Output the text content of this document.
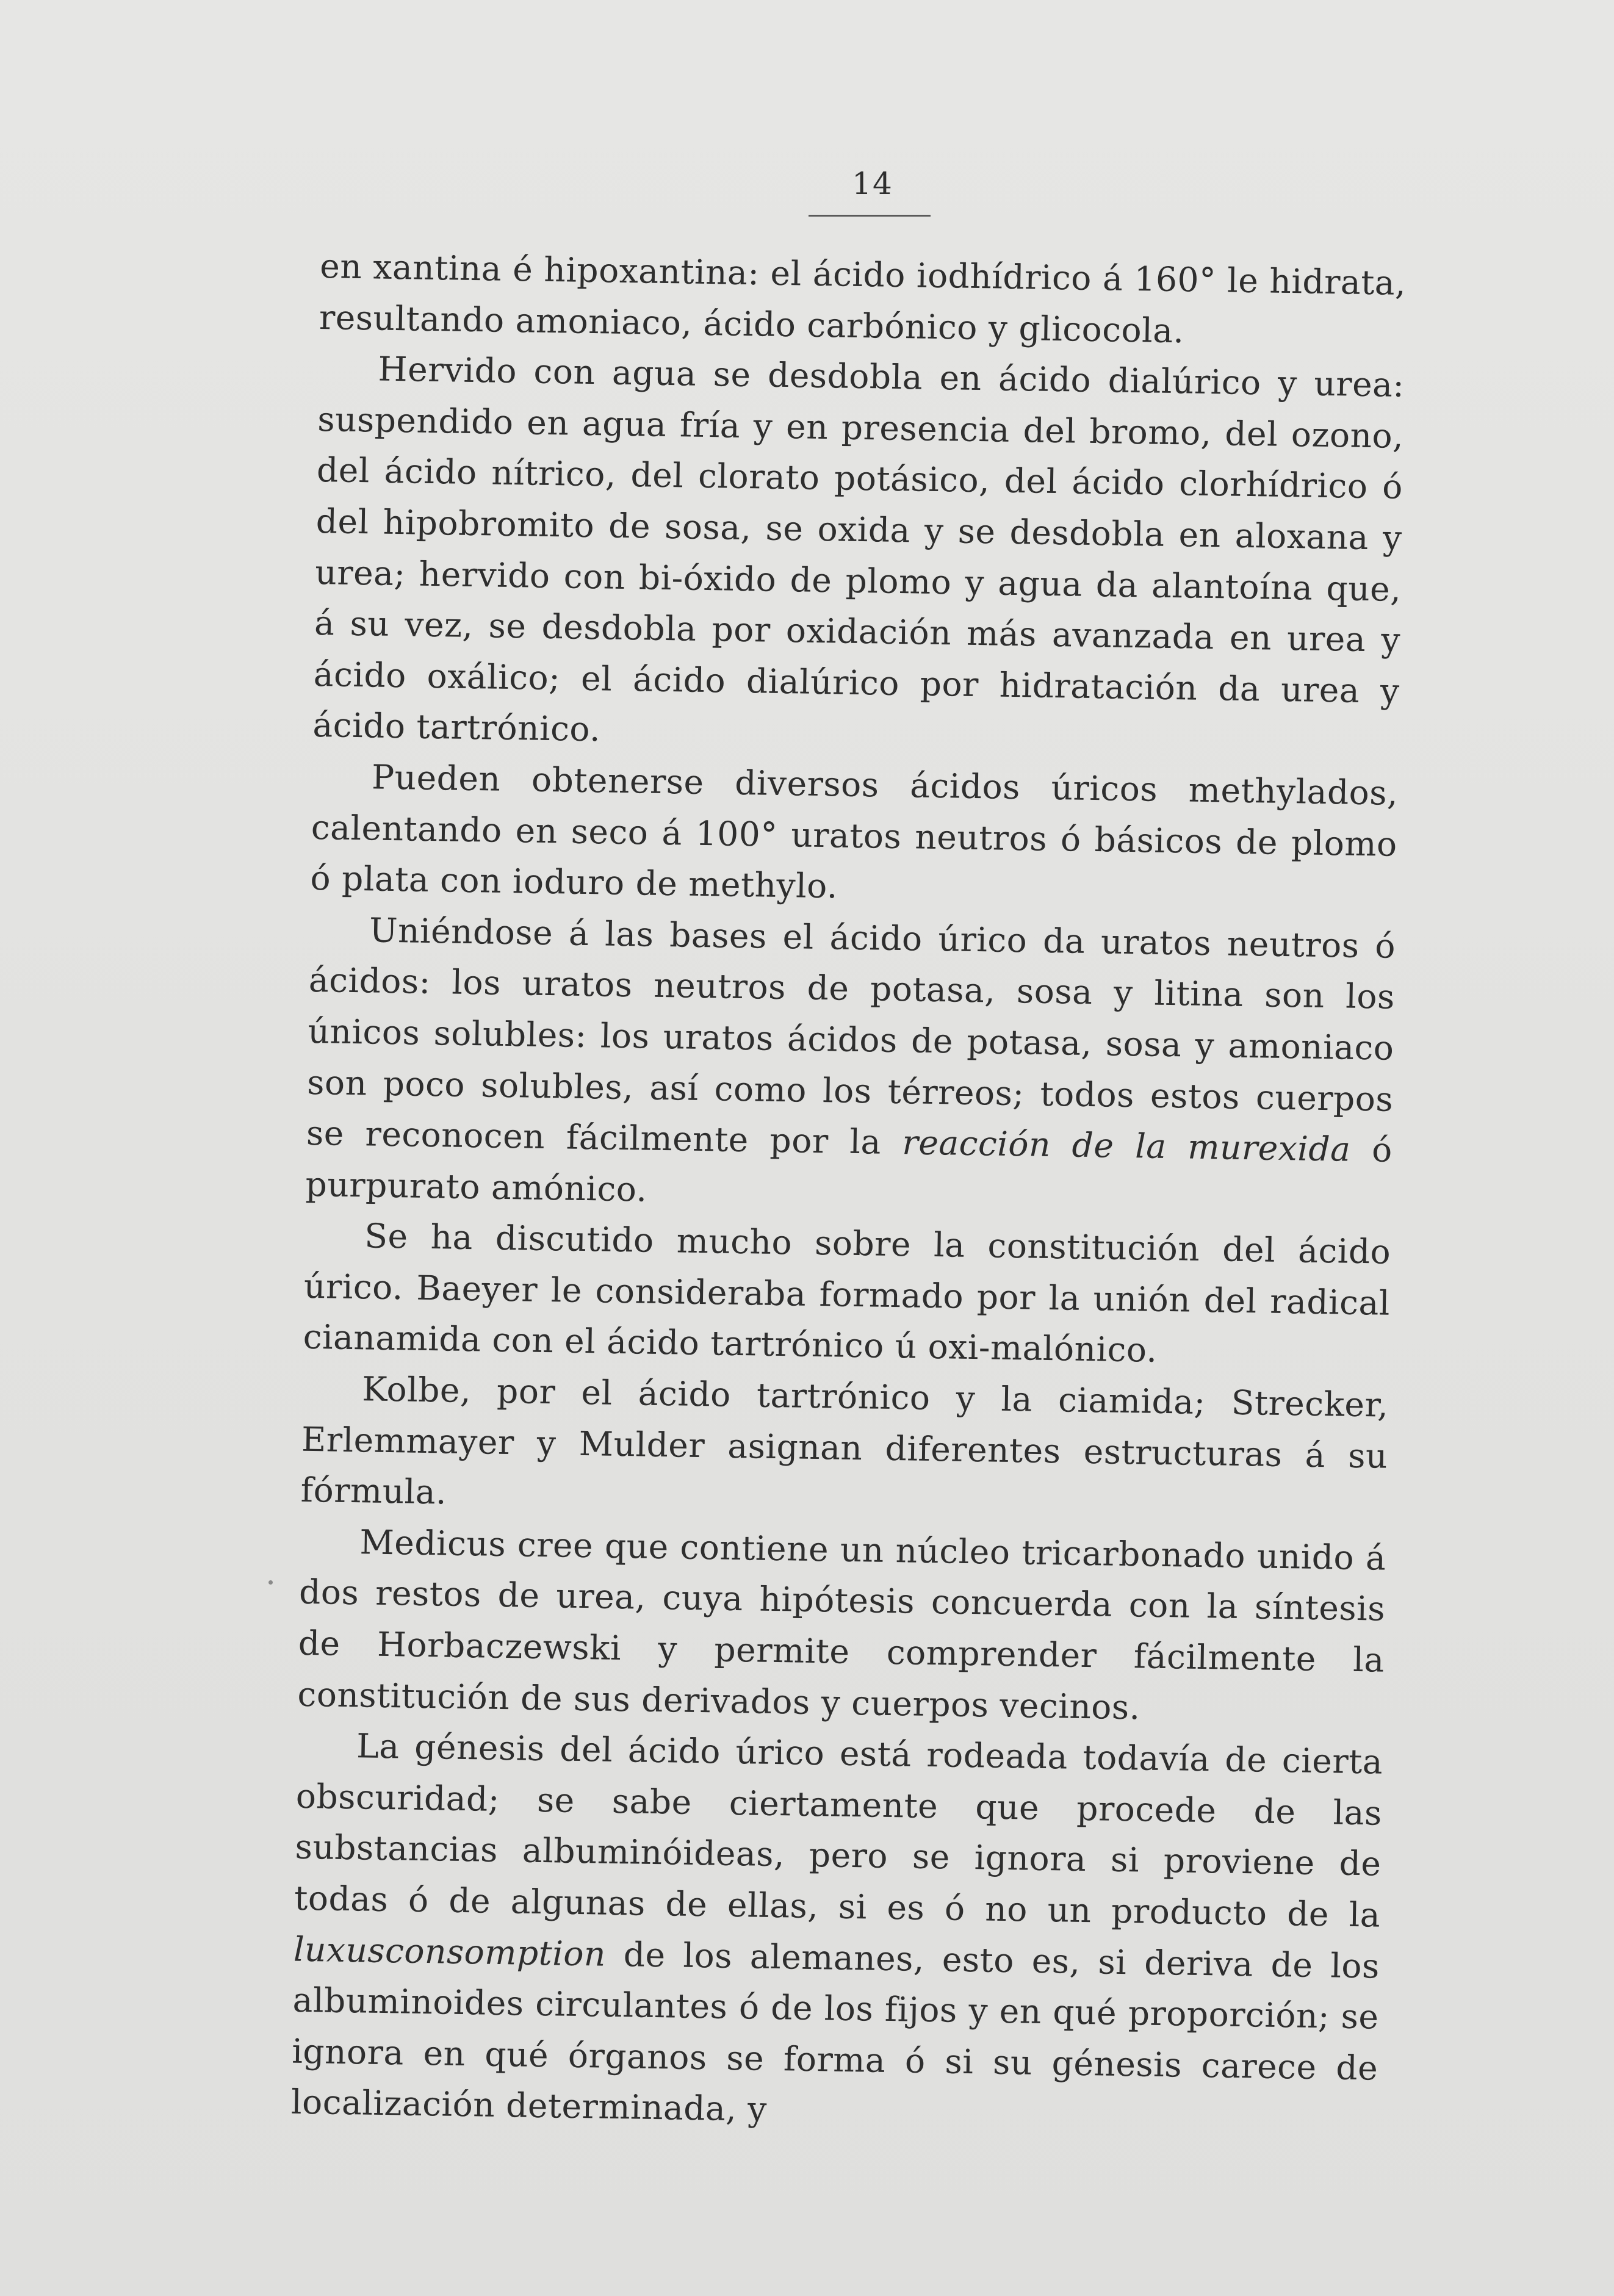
14

en xantina é hipoxantina: el ácido iodhídrico á 160° le hidrata, resultando amoniaco, ácido carbónico y glicocola.

Hervido con agua se desdobla en ácido dialúrico y urea: suspendido en agua fría y en presencia del bromo, del ozono, del ácido nítrico, del clorato potásico, del ácido clorhídrico ó del hipobromito de sosa, se oxida y se desdobla en aloxana y urea; hervido con bi-óxido de plomo y agua da alantoína que, á su vez, se desdobla por oxidación más avanzada en urea y ácido oxálico; el ácido dialúrico por hidratación da urea y ácido tartrónico.

Pueden obtenerse diversos ácidos úricos methylados, calentando en seco á 100° uratos neutros ó básicos de plomo ó plata con ioduro de methylo.

Uniéndose á las bases el ácido úrico da uratos neutros ó ácidos: los uratos neutros de potasa, sosa y litina son los únicos solubles: los uratos ácidos de potasa, sosa y amoniaco son poco solubles, así como los térreos; todos estos cuerpos se reconocen fácilmente por la reacción de la murexida ó purpurato amónico.

Se ha discutido mucho sobre la constitución del ácido úrico. Baeyer le consideraba formado por la unión del radical cianamida con el ácido tartrónico ú oxi-malónico.

Kolbe, por el ácido tartrónico y la ciamida; Strecker, Erlemmayer y Mulder asignan diferentes estructuras á su fórmula.

Medicus cree que contiene un núcleo tricarbonado unido á dos restos de urea, cuya hipótesis concuerda con la síntesis de Horbaczewski y permite comprender fácilmente la constitución de sus derivados y cuerpos vecinos.

La génesis del ácido úrico está rodeada todavía de cierta obscuridad; se sabe ciertamente que procede de las substancias albuminóideas, pero se ignora si proviene de todas ó de algunas de ellas, si es ó no un producto de la luxusconsomption de los alemanes, esto es, si deriva de los albuminoides circulantes ó de los fijos y en qué proporción; se ignora en qué órganos se forma ó si su génesis carece de localización determinada, y
